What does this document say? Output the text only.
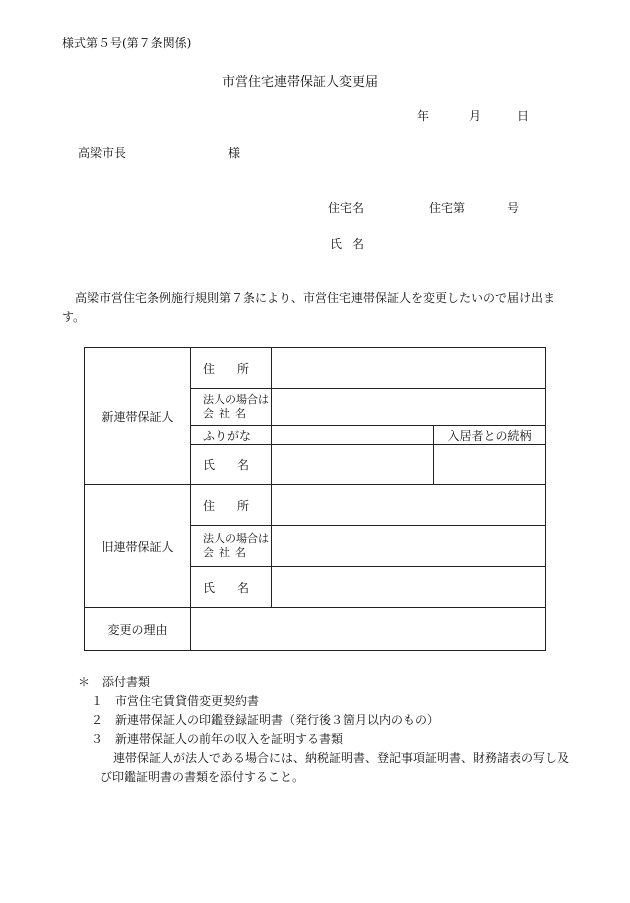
様式第５号(第７条関係)
市営住宅連帯保証人変更届
年	月	日
高梁市長	様
住宅名	住宅第	号
氏名
高梁市営住宅条例施行規則第７条により、市営住宅連帯保証人を変更したいので届け出ます。
新連帯保証人	住所		

	法人の場合は
会社名		

	ふりがな		入居者との続柄
	氏名		

旧連帯保証人	住所		

	法人の場合は
会社名		

	氏名		
変更の理由			
＊　添付書類
１ 市営住宅賃貸借変更契約書
２ 新連帯保証人の印鑑登録証明書（発行後３箇月以内のもの）
３ 新連帯保証人の前年の収入を証明する書類
連帯保証人が法人である場合には、納税証明書、登記事項証明書、財務諸表の写し及び印鑑証明書の書類を添付すること。
